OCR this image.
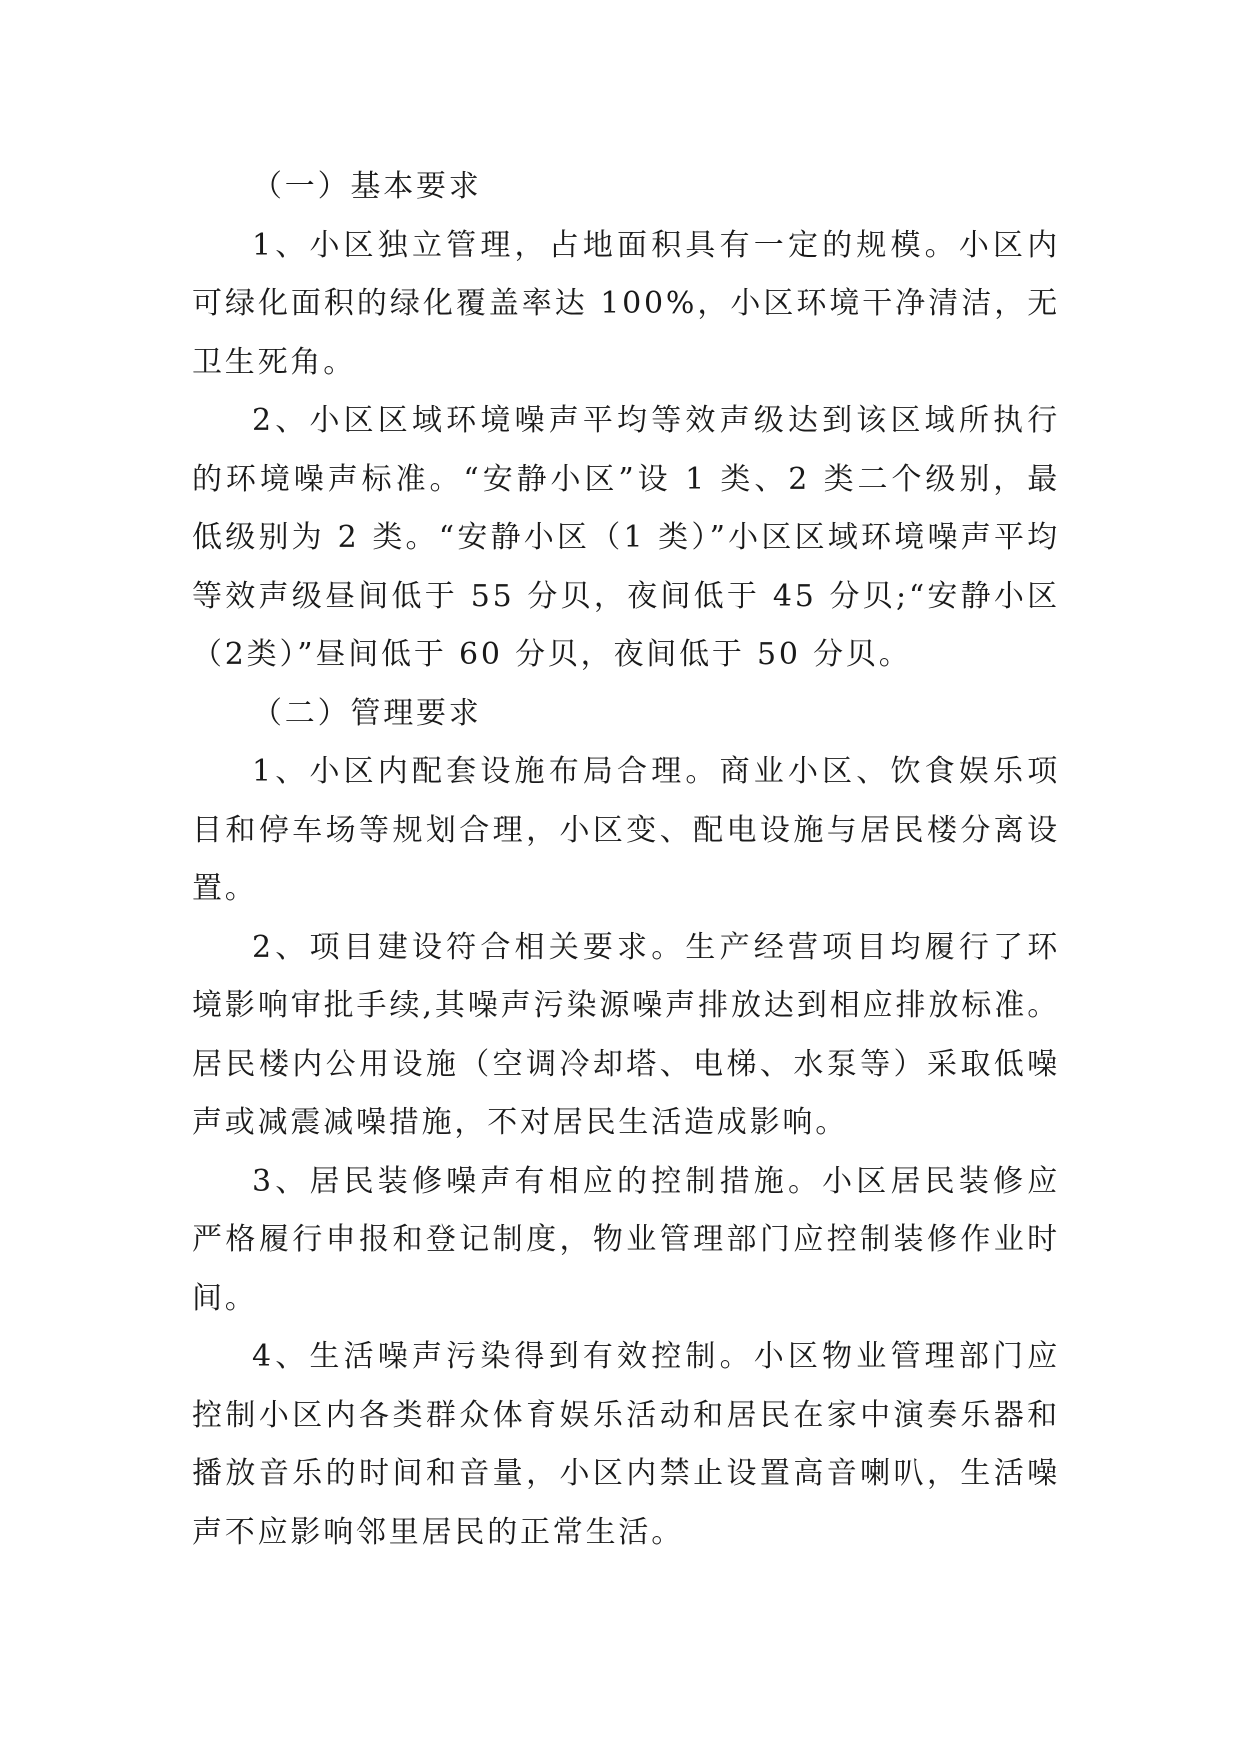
（一）基本要求

1、小区独立管理，占地面积具有一定的规模。小区内可绿化面积的绿化覆盖率达 100%，小区环境干净清洁，无卫生死角。

2、小区区域环境噪声平均等效声级达到该区域所执行的环境噪声标准。“安静小区”设 1 类、2 类二个级别，最低级别为 2 类。“安静小区（1 类）”小区区域环境噪声平均等效声级昼间低于 55 分贝，夜间低于 45 分贝;“安静小区（2类）”昼间低于 60 分贝，夜间低于 50 分贝。

（二）管理要求

1、小区内配套设施布局合理。商业小区、饮食娱乐项目和停车场等规划合理，小区变、配电设施与居民楼分离设置。

2、项目建设符合相关要求。生产经营项目均履行了环境影响审批手续,其噪声污染源噪声排放达到相应排放标准。居民楼内公用设施（空调冷却塔、电梯、水泵等）采取低噪声或减震减噪措施，不对居民生活造成影响。

3、居民装修噪声有相应的控制措施。小区居民装修应严格履行申报和登记制度，物业管理部门应控制装修作业时间。

4、生活噪声污染得到有效控制。小区物业管理部门应控制小区内各类群众体育娱乐活动和居民在家中演奏乐器和播放音乐的时间和音量，小区内禁止设置高音喇叭，生活噪声不应影响邻里居民的正常生活。
